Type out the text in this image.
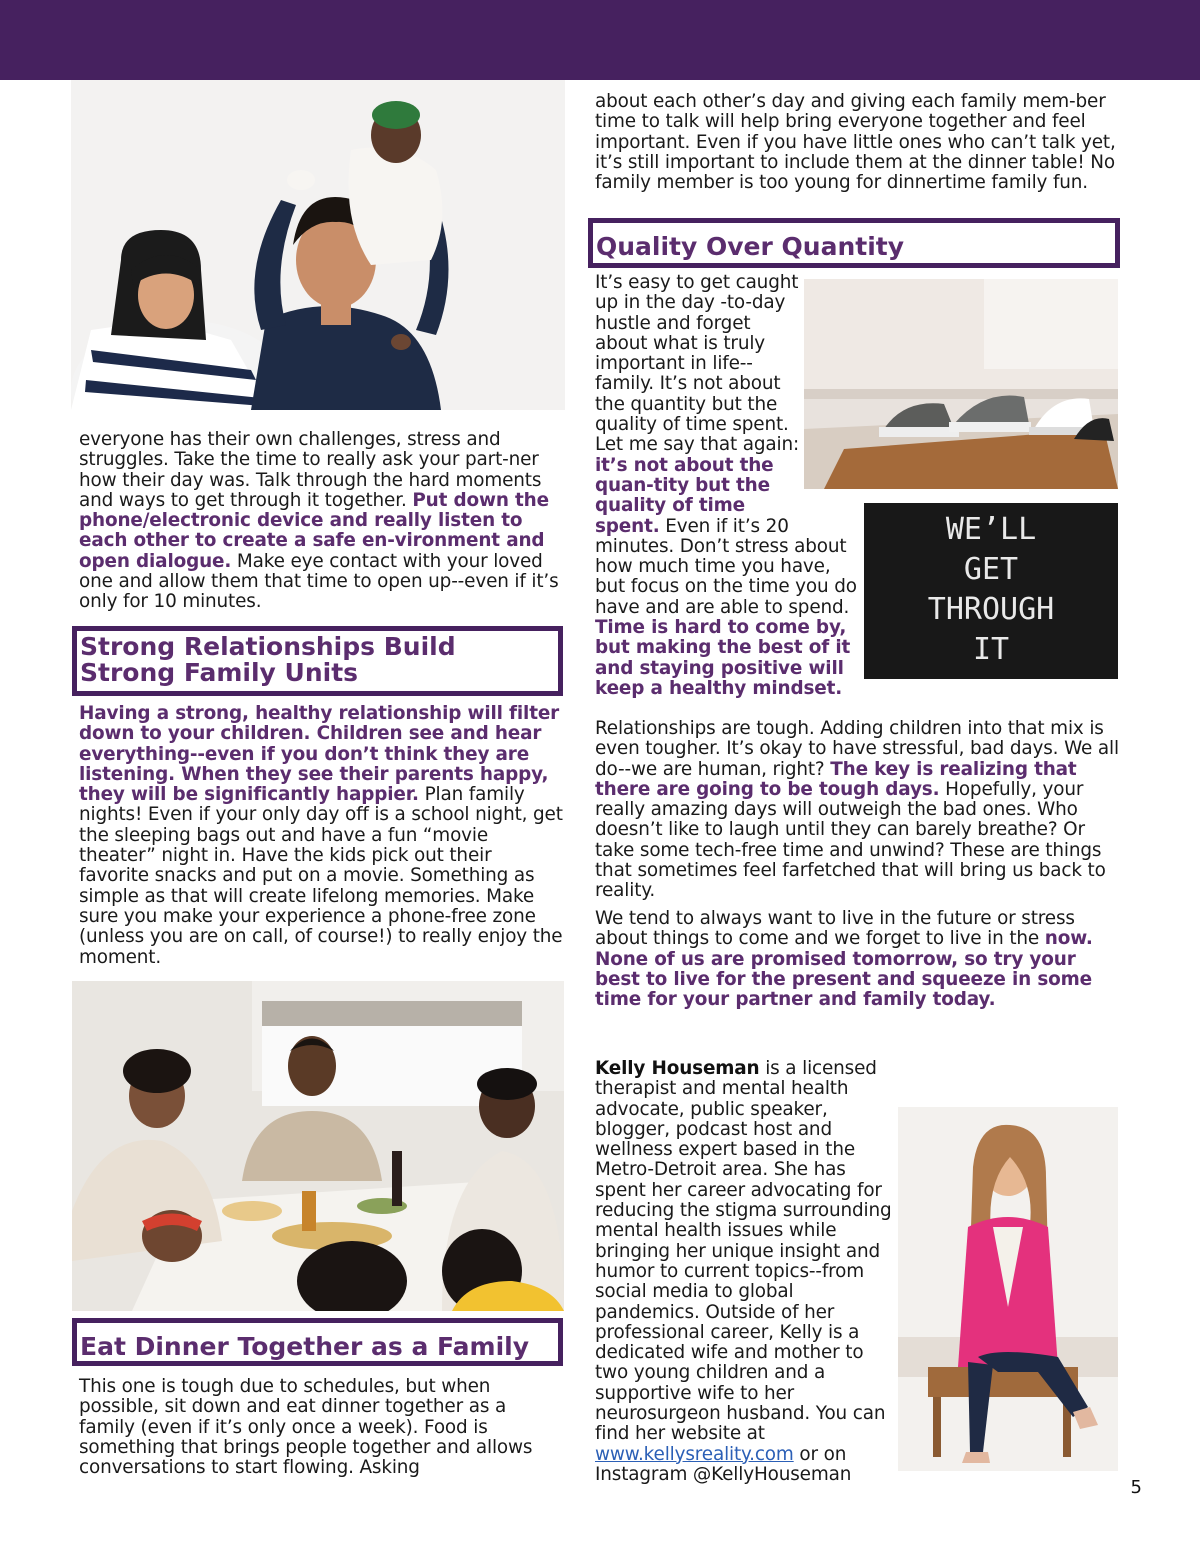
everyone has their own challenges, stress and struggles. Take the time to really ask your part-ner how their day was. Talk through the hard moments and ways to get through it together. Put down the phone/electronic device and really listen to each other to create a safe en-vironment and open dialogue. Make eye contact with your loved one and allow them that time to open up--even if it’s only for 10 minutes.

Strong Relationships Build Strong Family Units

Having a strong, healthy relationship will filter down to your children. Children see and hear everything--even if you don’t think they are listening. When they see their parents happy, they will be significantly happier. Plan family nights! Even if your only day off is a school night, get the sleeping bags out and have a fun “movie theater” night in. Have the kids pick out their favorite snacks and put on a movie. Something as simple as that will create lifelong memories. Make sure you make your experience a phone-free zone (unless you are on call, of course!) to really enjoy the moment.

Eat Dinner Together as a Family

This one is tough due to schedules, but when possible, sit down and eat dinner together as a family (even if it’s only once a week). Food is something that brings people together and allows conversations to start flowing. Asking

about each other’s day and giving each family mem-ber time to talk will help bring everyone together and feel important. Even if you have little ones who can’t talk yet, it’s still important to include them at the dinner table! No family member is too young for dinnertime family fun.

Quality Over Quantity
WE’LL
GET
THROUGH
IT

It’s easy to get caught up in the day -to-day hustle and forget about what is truly important in life--family. It’s not about the quantity but the quality of time spent. Let me say that again: it’s not about the quan-tity but the quality of time spent. Even if it’s 20 minutes. Don’t stress about how much time you have, but focus on the time you do have and are able to spend. Time is hard to come by, but making the best of it and staying positive will keep a healthy mindset.

Relationships are tough. Adding children into that mix is even tougher. It’s okay to have stressful, bad days. We all do--we are human, right? The key is realizing that there are going to be tough days. Hopefully, your really amazing days will outweigh the bad ones. Who doesn’t like to laugh until they can barely breathe? Or take some tech-free time and unwind? These are things that sometimes feel farfetched that will bring us back to reality.

We tend to always want to live in the future or stress about things to come and we forget to live in the now. None of us are promised tomorrow, so try your best to live for the present and squeeze in some time for your partner and family today.

Kelly Houseman is a licensed therapist and mental health advocate, public speaker, blogger, podcast host and wellness expert based in the Metro-Detroit area. She has spent her career advocating for reducing the stigma surrounding mental health issues while bringing her unique insight and humor to current topics--from social media to global pandemics. Outside of her professional career, Kelly is a dedicated wife and mother to two young children and a supportive wife to her neurosurgeon husband. You can find her website at www.kellysreality.com or on Instagram @KellyHouseman

5
